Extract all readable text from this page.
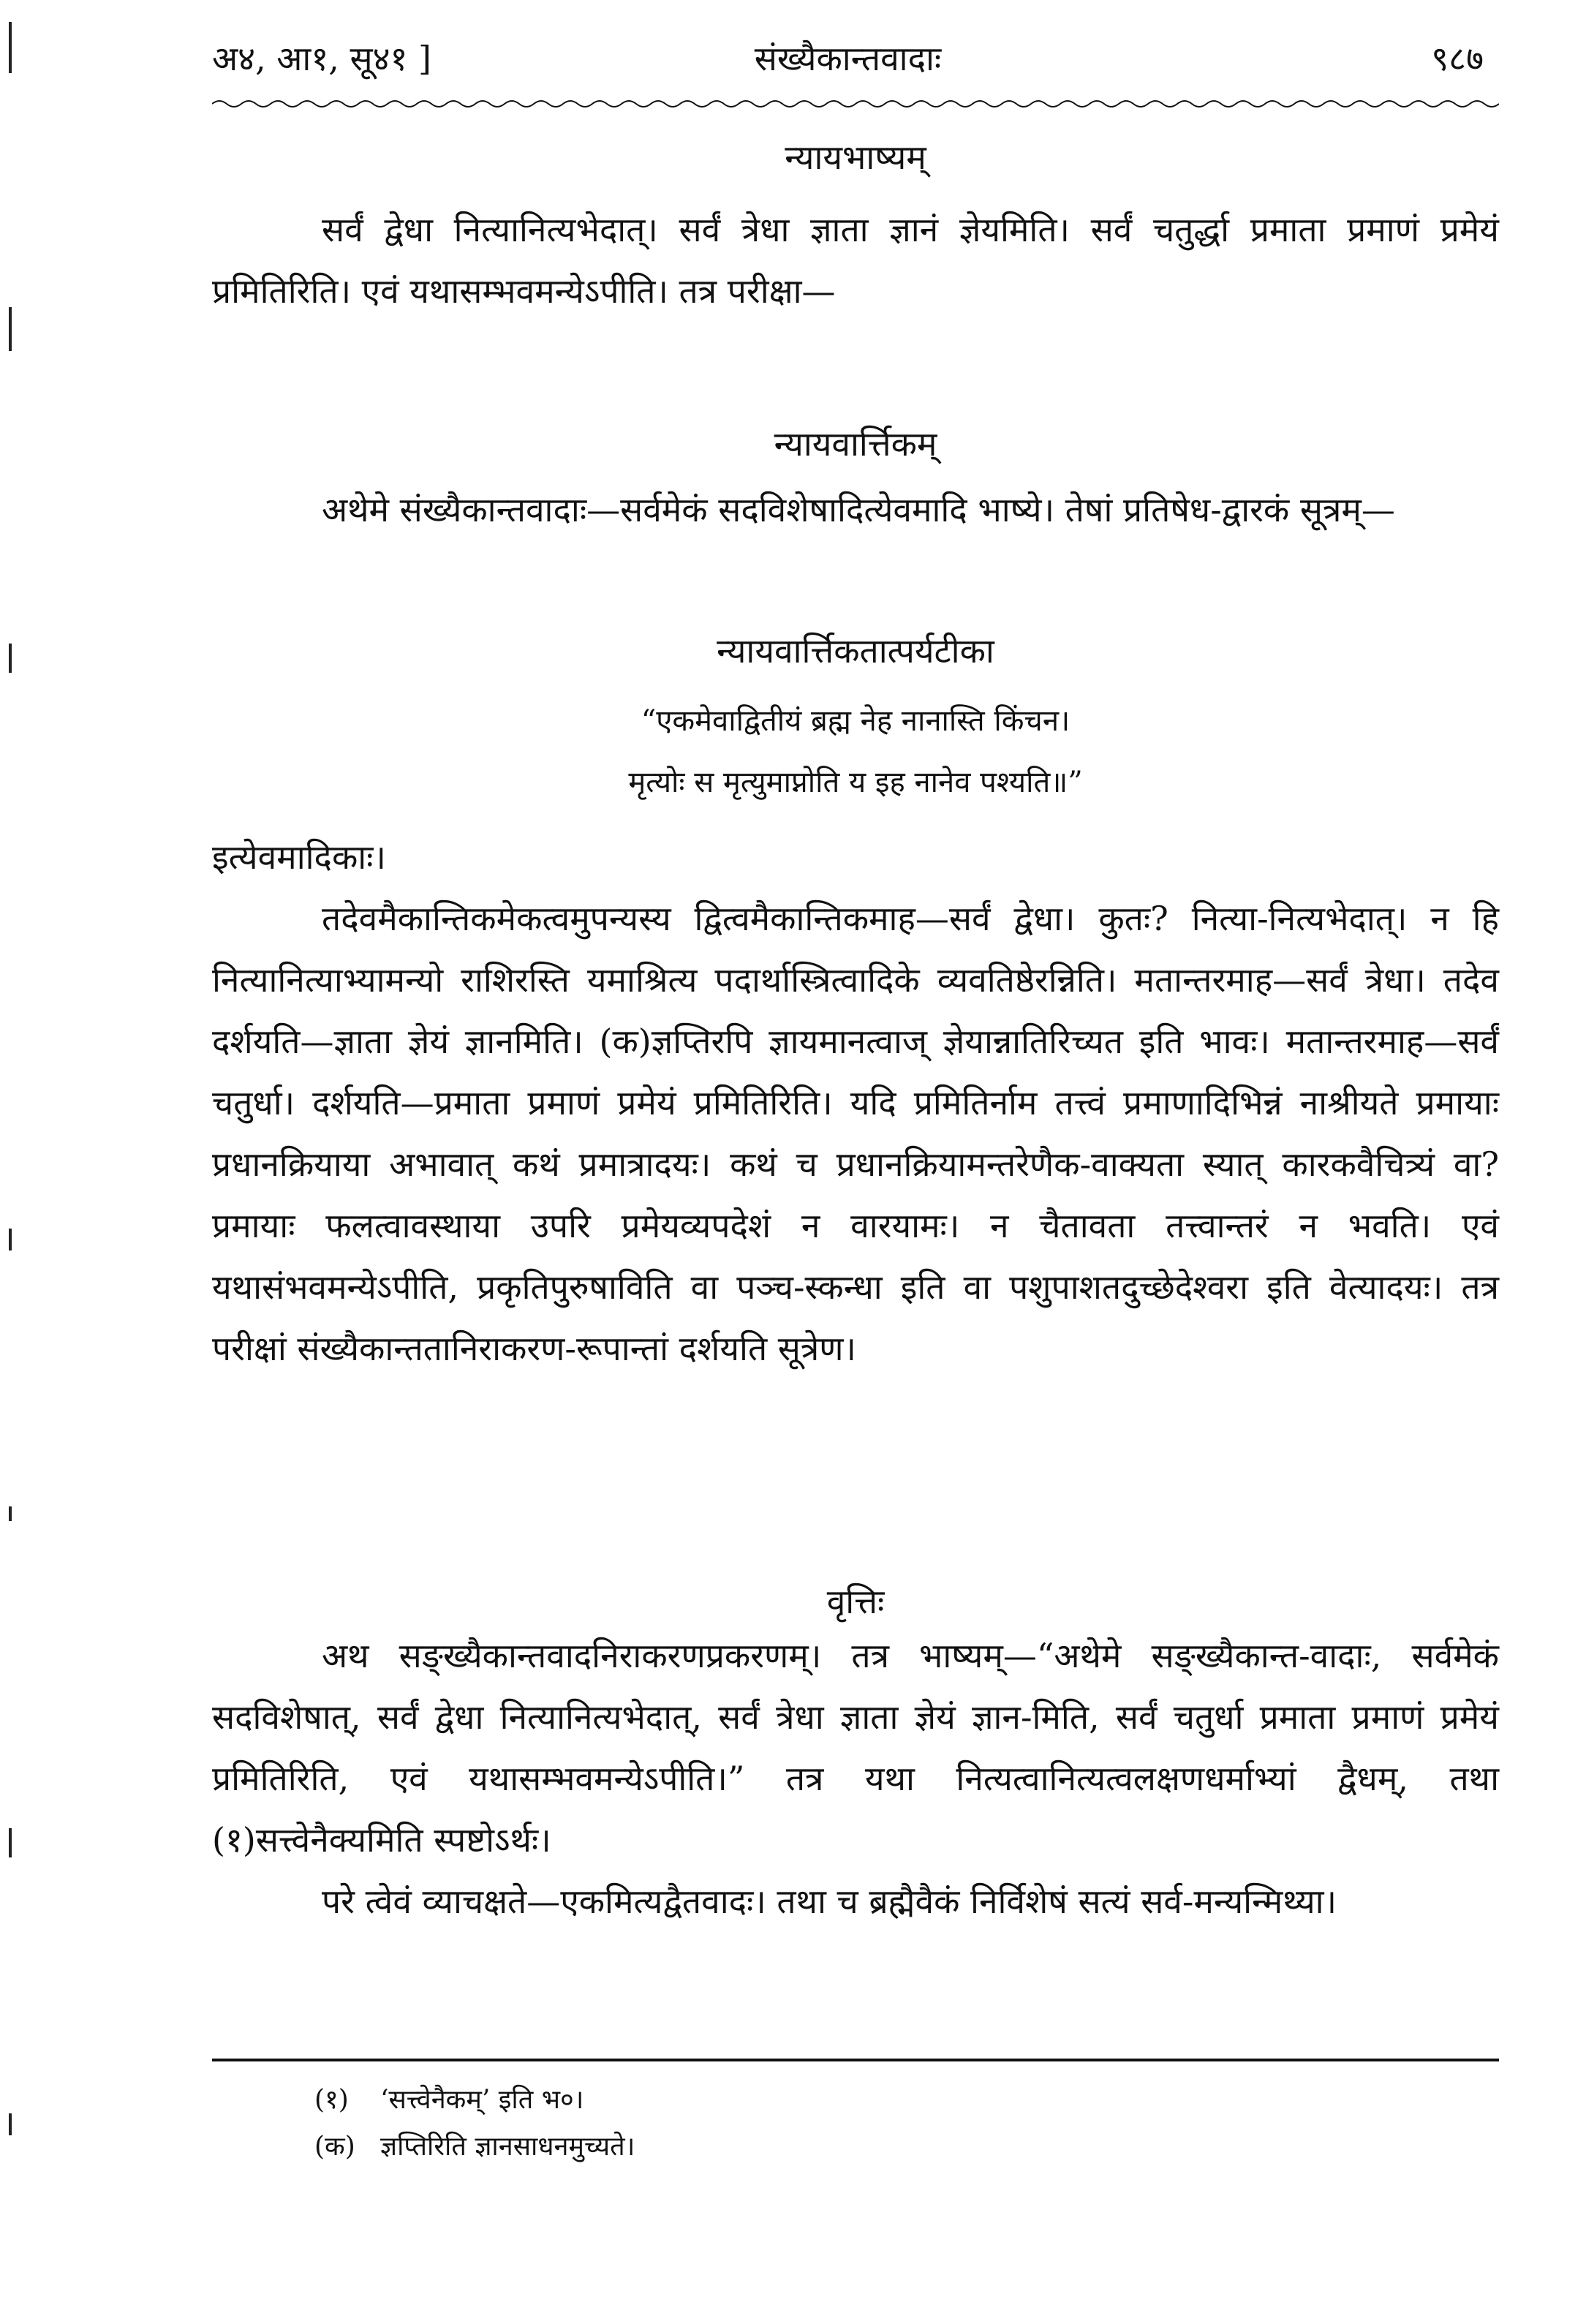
अ४, आ१, सू४१ ]	संख्यैकान्तवादाः	९८७
न्यायभाष्यम्

सर्वं द्वेधा नित्यानित्यभेदात्। सर्वं त्रेधा ज्ञाता ज्ञानं ज्ञेयमिति। सर्वं चतुर्द्धा प्रमाता प्रमाणं प्रमेयं प्रमितिरिति। एवं यथासम्भवमन्येऽपीति। तत्र परीक्षा—

न्यायवार्त्तिकम्

अथेमे संख्यैकान्तवादाः—सर्वमेकं सदविशेषादित्येवमादि भाष्ये। तेषां प्रतिषेध-द्वारकं सूत्रम्—

न्यायवार्त्तिकतात्पर्यटीका
“एकमेवाद्वितीयं ब्रह्म नेह नानास्ति किंचन।
मृत्योः स मृत्युमाप्नोति य इह नानेव पश्यति॥”

इत्येवमादिकाः।

तदेवमैकान्तिकमेकत्वमुपन्यस्य द्वित्वमैकान्तिकमाह—सर्वं द्वेधा। कुतः? नित्या-नित्यभेदात्। न हि नित्यानित्याभ्यामन्यो राशिरस्ति यमाश्रित्य पदार्थास्त्रित्वादिके व्यवतिष्ठेरन्निति। मतान्तरमाह—सर्वं त्रेधा। तदेव दर्शयति—ज्ञाता ज्ञेयं ज्ञानमिति। (क)ज्ञप्तिरपि ज्ञायमानत्वाज् ज्ञेयान्नातिरिच्यत इति भावः। मतान्तरमाह—सर्वं चतुर्धा। दर्शयति—प्रमाता प्रमाणं प्रमेयं प्रमितिरिति। यदि प्रमितिर्नाम तत्त्वं प्रमाणादिभिन्नं नाश्रीयते प्रमायाः प्रधानक्रियाया अभावात् कथं प्रमात्रादयः। कथं च प्रधानक्रियामन्तरेणैक-वाक्यता स्यात् कारकवैचित्र्यं वा? प्रमायाः फलत्वावस्थाया उपरि प्रमेयव्यपदेशं न वारयामः। न चैतावता तत्त्वान्तरं न भवति। एवं यथासंभवमन्येऽपीति, प्रकृतिपुरुषाविति वा पञ्च-स्कन्धा इति वा पशुपाशतदुच्छेदेश्वरा इति वेत्यादयः। तत्र परीक्षां संख्यैकान्ततानिराकरण-रूपान्तां दर्शयति सूत्रेण।

वृत्तिः

अथ सङ्ख्यैकान्तवादनिराकरणप्रकरणम्। तत्र भाष्यम्—“अथेमे सङ्ख्यैकान्त-वादाः, सर्वमेकं सदविशेषात्, सर्वं द्वेधा नित्यानित्यभेदात्, सर्वं त्रेधा ज्ञाता ज्ञेयं ज्ञान-मिति, सर्वं चतुर्धा प्रमाता प्रमाणं प्रमेयं प्रमितिरिति, एवं यथासम्भवमन्येऽपीति।” तत्र यथा नित्यत्वानित्यत्वलक्षणधर्माभ्यां द्वैधम्, तथा (१)सत्त्वेनैक्यमिति स्पष्टोऽर्थः।

परे त्वेवं व्याचक्षते—एकमित्यद्वैतवादः। तथा च ब्रह्मैवैकं निर्विशेषं सत्यं सर्व-मन्यन्मिथ्या।

(१) ‘सत्त्वेनैकम्’ इति भ०।
(क) ज्ञप्तिरिति ज्ञानसाधनमुच्यते।
